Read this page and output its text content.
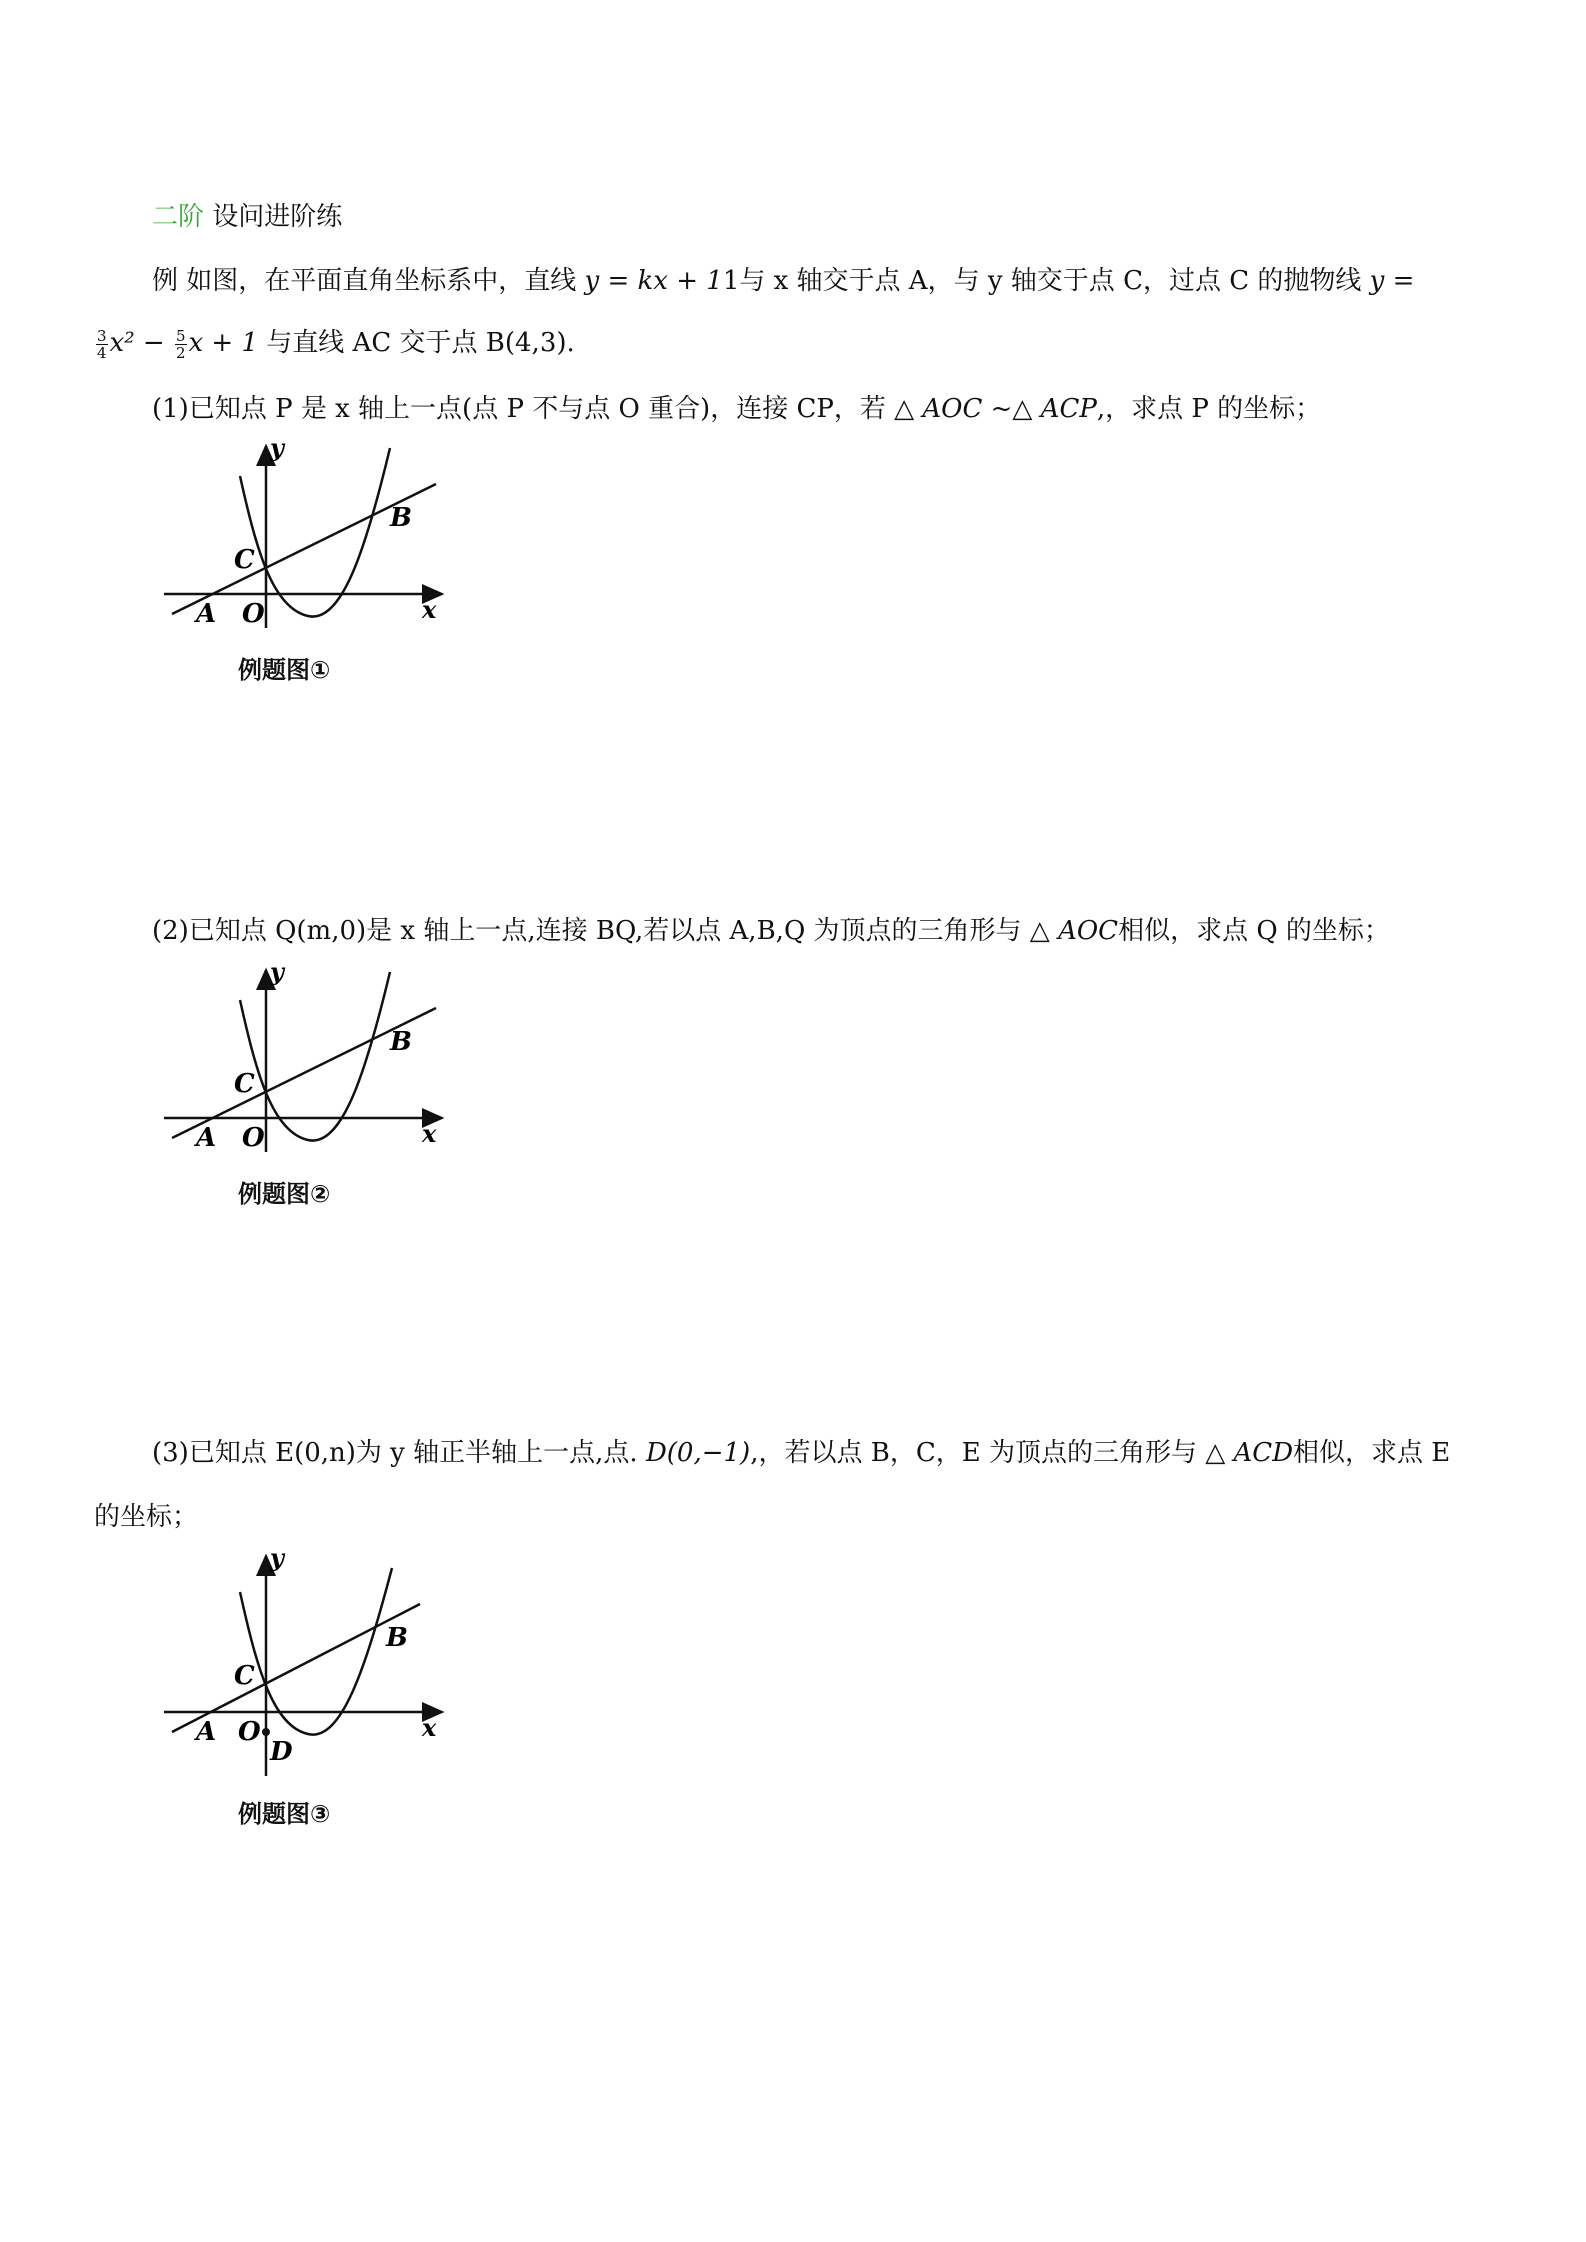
二阶 设问进阶练
例 如图，在平面直角坐标系中，直线 y = kx + 11与 x 轴交于点 A，与 y 轴交于点 C，过点 C 的抛物线 y =
$\frac{3}{4} x^2 - \frac{5}{2}$ x + 1 与直线 AC 交于点 B(4,3).
(1)已知点 P 是 x 轴上一点(点 P 不与点 O 重合)，连接 CP，若 △ AOC ~△ ACP,，求点 P 的坐标；
(2)已知点 Q(m,0)是 x 轴上一点,连接 BQ,若以点 A,B,Q 为顶点的三角形与 △ AOC相似，求点 Q 的坐标；
(3)已知点 E(0,n)为 y 轴正半轴上一点,点. D(0,−1),，若以点 B，C，E 为顶点的三角形与 △ ACD相似，求点 E
的坐标；
y
x
A O
C
B
例题图①
y
x
A O
C
B
例题图②
y
x
A O
C
B
D
例题图③
